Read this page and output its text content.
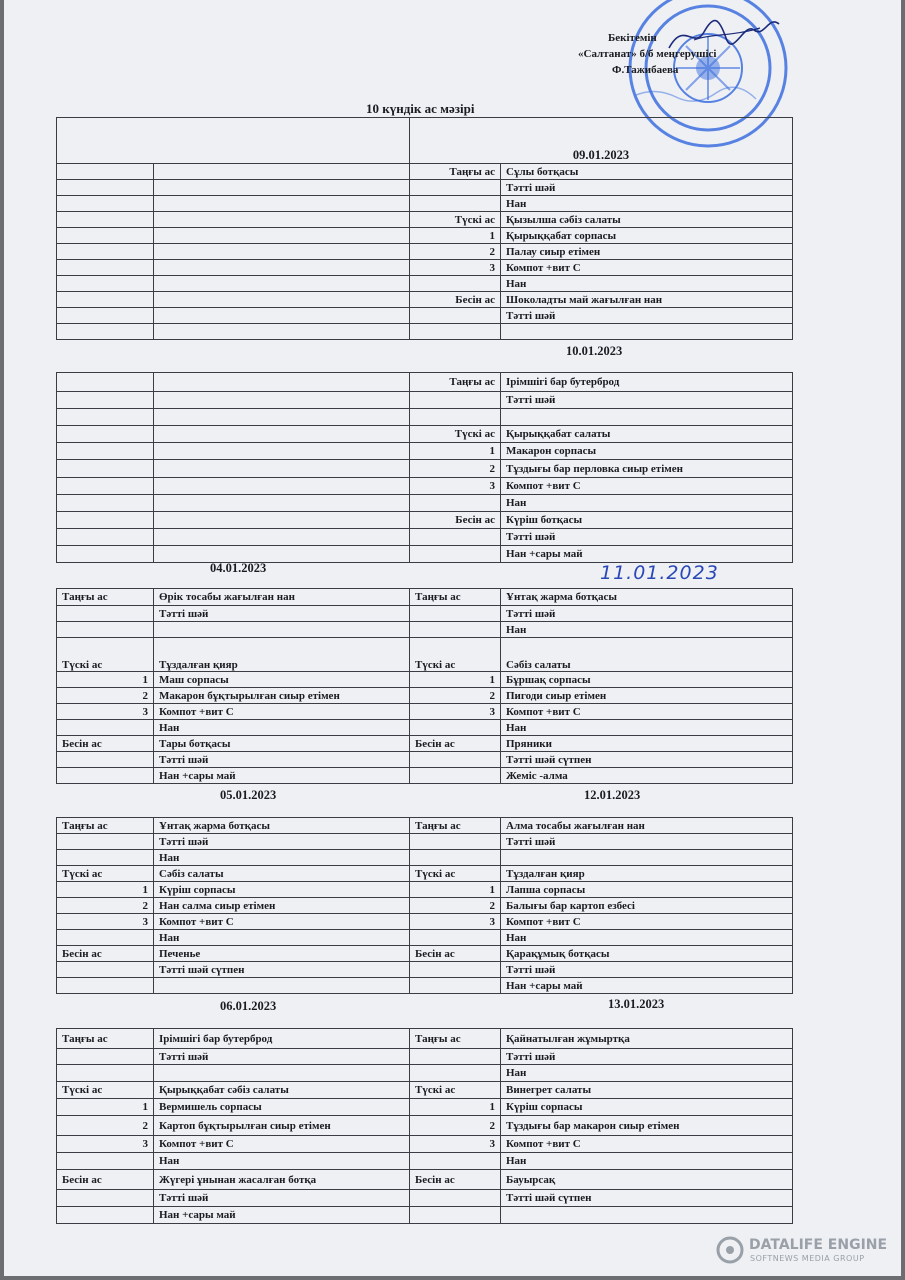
Бекітемін
«Салтанат» б/б меңгерушісі
Ф.Тажибаева
10 күндік ас мәзірі
		09.01.2023	
		Таңғы ас	Сұлы ботқасы
			Тәтті шәй
			Нан
		Түскі ас	Қызылша сәбіз салаты
		1	Қырыққабат сорпасы
		2	Палау сиыр етімен
		3	Компот +вит С
			Нан
		Бесін ас	Шоколадты май жағылған нан
			Тәтті шәй

10.01.2023
		Таңғы ас	Ірімшігі бар бутерброд
			Тәтті шәй

		Түскі ас	Қырыққабат салаты
		1	Макарон сорпасы
		2	Тұздығы бар перловка сиыр етімен
		3	Компот +вит С
			Нан
		Бесін ас	Күріш ботқасы
			Тәтті шәй
			Нан +сары май
04.01.2023	11.01.2023
Таңғы ас	Өрік тосабы жағылған нан	Таңғы ас	Ұнтақ жарма ботқасы
	Тәтті шәй		Тәтті шәй
			Нан
Түскі ас	Тұздалған қияр	Түскі ас	Сәбіз салаты
1	Маш сорпасы	1	Бұршақ сорпасы
2	Макарон бұқтырылған сиыр етімен	2	Пигоди сиыр етімен
3	Компот +вит С	3	Компот +вит С
	Нан		Нан
Бесін ас	Тары ботқасы	Бесін ас	Пряники
	Тәтті шәй		Тәтті шәй сүтпен
	Нан +сары май		Жеміс -алма
05.01.2023	12.01.2023
Таңғы ас	Ұнтақ жарма ботқасы	Таңғы ас	Алма тосабы жағылған нан
	Тәтті шәй		Тәтті шәй
	Нан		
Түскі ас	Сәбіз салаты	Түскі ас	Тұздалған қияр
1	Күріш сорпасы	1	Лапша сорпасы
2	Нан салма сиыр етімен	2	Балығы бар картоп езбесі
3	Компот +вит С	3	Компот +вит С
	Нан		Нан
Бесін ас	Печенье	Бесін ас	Қарақұмық ботқасы
	Тәтті шәй сүтпен		Тәтті шәй
			Нан +сары май
06.01.2023	13.01.2023
Таңғы ас	Ірімшігі бар бутерброд	Таңғы ас	Қайнатылған жұмыртқа
	Тәтті шәй		Тәтті шәй
			Нан
Түскі ас	Қырыққабат сәбіз салаты	Түскі ас	Винегрет салаты
1	Вермишель сорпасы	1	Күріш сорпасы
2	Картоп бұқтырылған сиыр етімен	2	Тұздығы бар макарон сиыр етімен
3	Компот +вит С	3	Компот +вит С
	Нан		Нан
Бесін ас	Жүгері ұнынан жасалған ботқа	Бесін ас	Бауырсақ
	Тәтті шәй		Тәтті шәй сүтпен
	Нан +сары май		
DATALIFE ENGINE
SOFTNEWS MEDIA GROUP
